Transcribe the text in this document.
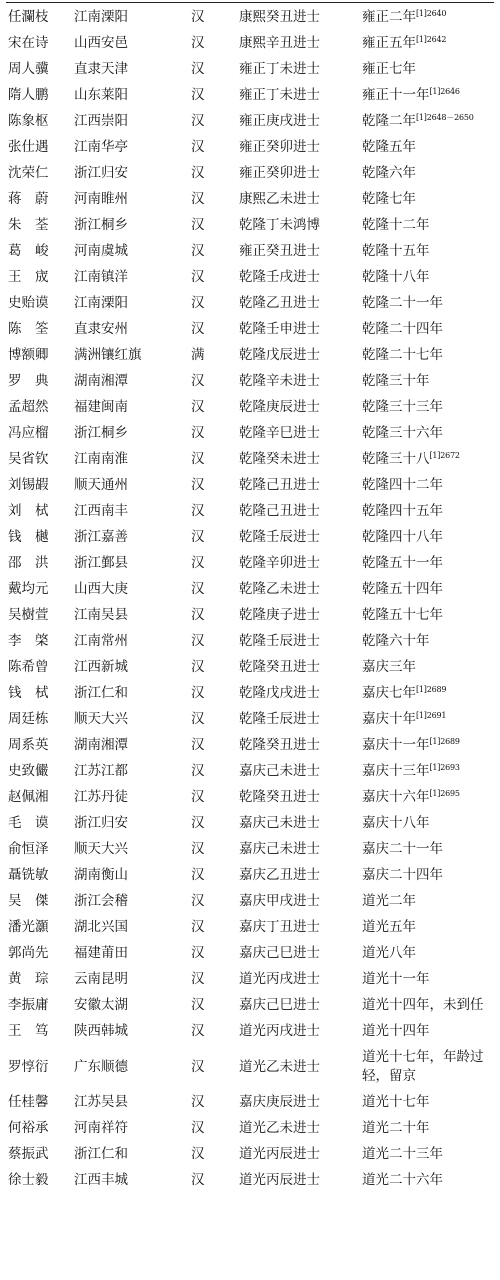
任瀾枝	江南溧阳	汉	康熙癸丑进士	雍正二年$^{[1]2640}$
宋在诗	山西安邑	汉	康熙辛丑进士	雍正五年$^{[1]2642}$
周人骥	直隶天津	汉	雍正丁未进士	雍正七年
隋人鹏	山东莱阳	汉	雍正丁未进士	雍正十一年$^{[1]2646}$
陈象枢	江西崇阳	汉	雍正庚戌进士	乾隆二年$^{[1]2648-2650}$
张仕遇	江南华亭	汉	雍正癸卯进士	乾隆五年
沈荣仁	浙江归安	汉	雍正癸卯进士	乾隆六年
蒋　蔚	河南睢州	汉	康熙乙未进士	乾隆七年
朱　荃	浙江桐乡	汉	乾隆丁未鸿博	乾隆十二年
葛　峻	河南虞城	汉	雍正癸丑进士	乾隆十五年
王　宬	江南镇洋	汉	乾隆壬戌进士	乾隆十八年
史贻谟	江南溧阳	汉	乾隆乙丑进士	乾隆二十一年
陈　筌	直隶安州	汉	乾隆壬申进士	乾隆二十四年
博额卿	满洲镶红旗	满	乾隆戊辰进士	乾隆二十七年
罗　典	湖南湘潭	汉	乾隆辛未进士	乾隆三十年
孟超然	福建闽南	汉	乾隆庚辰进士	乾隆三十三年
冯应榴	浙江桐乡	汉	乾隆辛巳进士	乾隆三十六年
吴省钦	江南南淮	汉	乾隆癸未进士	乾隆三十八$^{[1]2672}$
刘锡嘏	顺天通州	汉	乾隆己丑进士	乾隆四十二年
刘　栻	江西南丰	汉	乾隆己丑进士	乾隆四十五年
钱　樾	浙江嘉善	汉	乾隆壬辰进士	乾隆四十八年
邵　洪	浙江鄞县	汉	乾隆辛卯进士	乾隆五十一年
戴均元	山西大庚	汉	乾隆乙未进士	乾隆五十四年
吴樹萱	江南吴县	汉	乾隆庚子进士	乾隆五十七年
李　棨	江南常州	汉	乾隆壬辰进士	乾隆六十年
陈希曾	江西新城	汉	乾隆癸丑进士	嘉庆三年
钱　栻	浙江仁和	汉	乾隆戊戌进士	嘉庆七年$^{[1]2689}$
周廷栋	顺天大兴	汉	乾隆壬辰进士	嘉庆十年$^{[1]2691}$
周系英	湖南湘潭	汉	乾隆癸丑进士	嘉庆十一年$^{[1]2689}$
史致儼	江苏江都	汉	嘉庆己未进士	嘉庆十三年$^{[1]2693}$
赵佩湘	江苏丹徒	汉	乾隆癸丑进士	嘉庆十六年$^{[1]2695}$
毛　谟	浙江归安	汉	嘉庆己未进士	嘉庆十八年
俞恒泽	顺天大兴	汉	嘉庆己未进士	嘉庆二十一年
聶铣敏	湖南衡山	汉	嘉庆乙丑进士	嘉庆二十四年
吴　傑	浙江会稽	汉	嘉庆甲戌进士	道光二年
潘光灝	湖北兴国	汉	嘉庆丁丑进士	道光五年
郭尚先	福建莆田	汉	嘉庆己巳进士	道光八年
黄　琮	云南昆明	汉	道光丙戌进士	道光十一年
李振庸	安徽太湖	汉	嘉庆己巳进士	道光十四年，未到任
王　笃	陕西韩城	汉	道光丙戌进士	道光十四年
罗惇衍	广东顺德	汉	道光乙未进士	道光十七年，年龄过轻，留京
任桂馨	江苏吴县	汉	嘉庆庚辰进士	道光十七年
何裕承	河南祥符	汉	道光乙未进士	道光二十年
蔡振武	浙江仁和	汉	道光丙辰进士	道光二十三年
徐士毅	江西丰城	汉	道光丙辰进士	道光二十六年
